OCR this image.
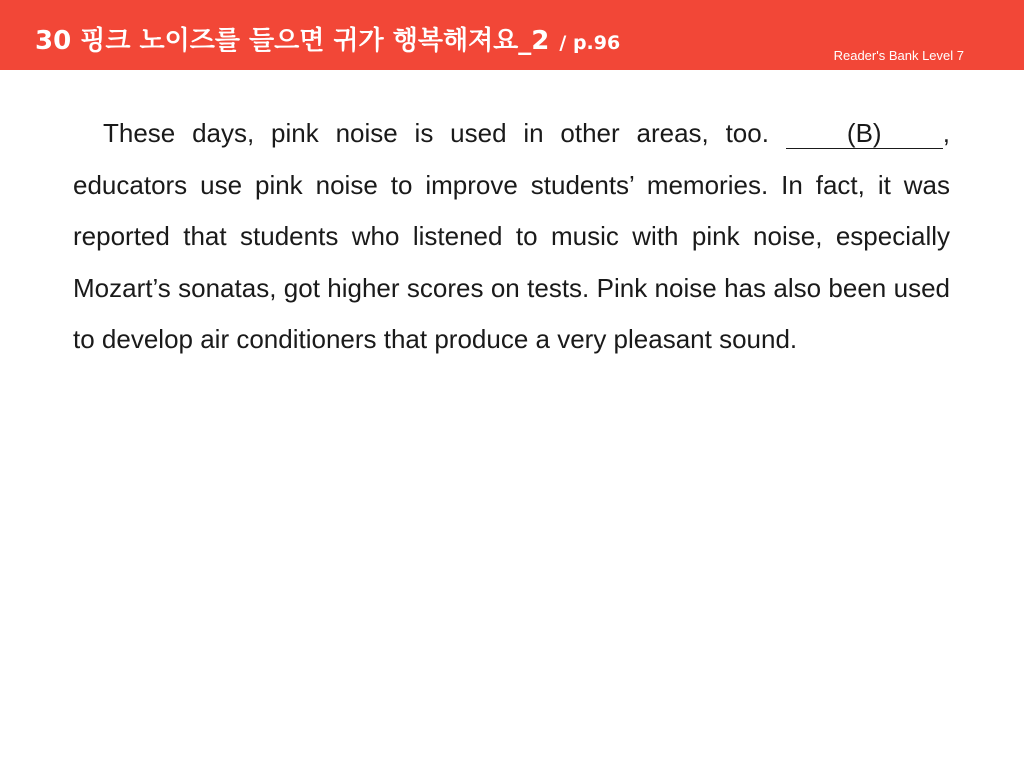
30 핑크 노이즈를 들으면 귀가 행복해져요_2 / p.96
Reader's Bank Level 7

These days, pink noise is used in other areas, too. (B) , educators use pink noise to improve students’ memories. In fact, it was reported that students who listened to music with pink noise, especially Mozart’s sonatas, got higher scores on tests. Pink noise has also been used to develop air conditioners that produce a very pleasant sound.
